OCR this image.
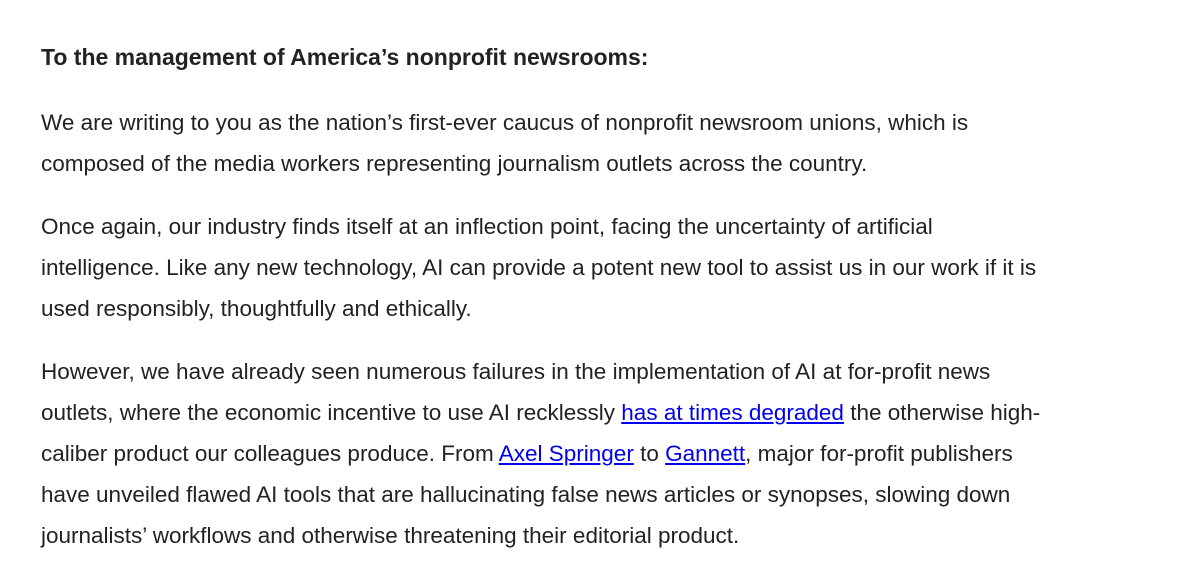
To the management of America’s nonprofit newsrooms:

We are writing to you as the nation’s first-ever caucus of nonprofit newsroom unions, which is
composed of the media workers representing journalism outlets across the country.

Once again, our industry finds itself at an inflection point, facing the uncertainty of artificial
intelligence. Like any new technology, AI can provide a potent new tool to assist us in our work if it is
used responsibly, thoughtfully and ethically.

However, we have already seen numerous failures in the implementation of AI at for-profit news
outlets, where the economic incentive to use AI recklessly has at times degraded the otherwise high-
caliber product our colleagues produce. From Axel Springer to Gannett, major for-profit publishers
have unveiled flawed AI tools that are hallucinating false news articles or synopses, slowing down
journalists’ workflows and otherwise threatening their editorial product.
